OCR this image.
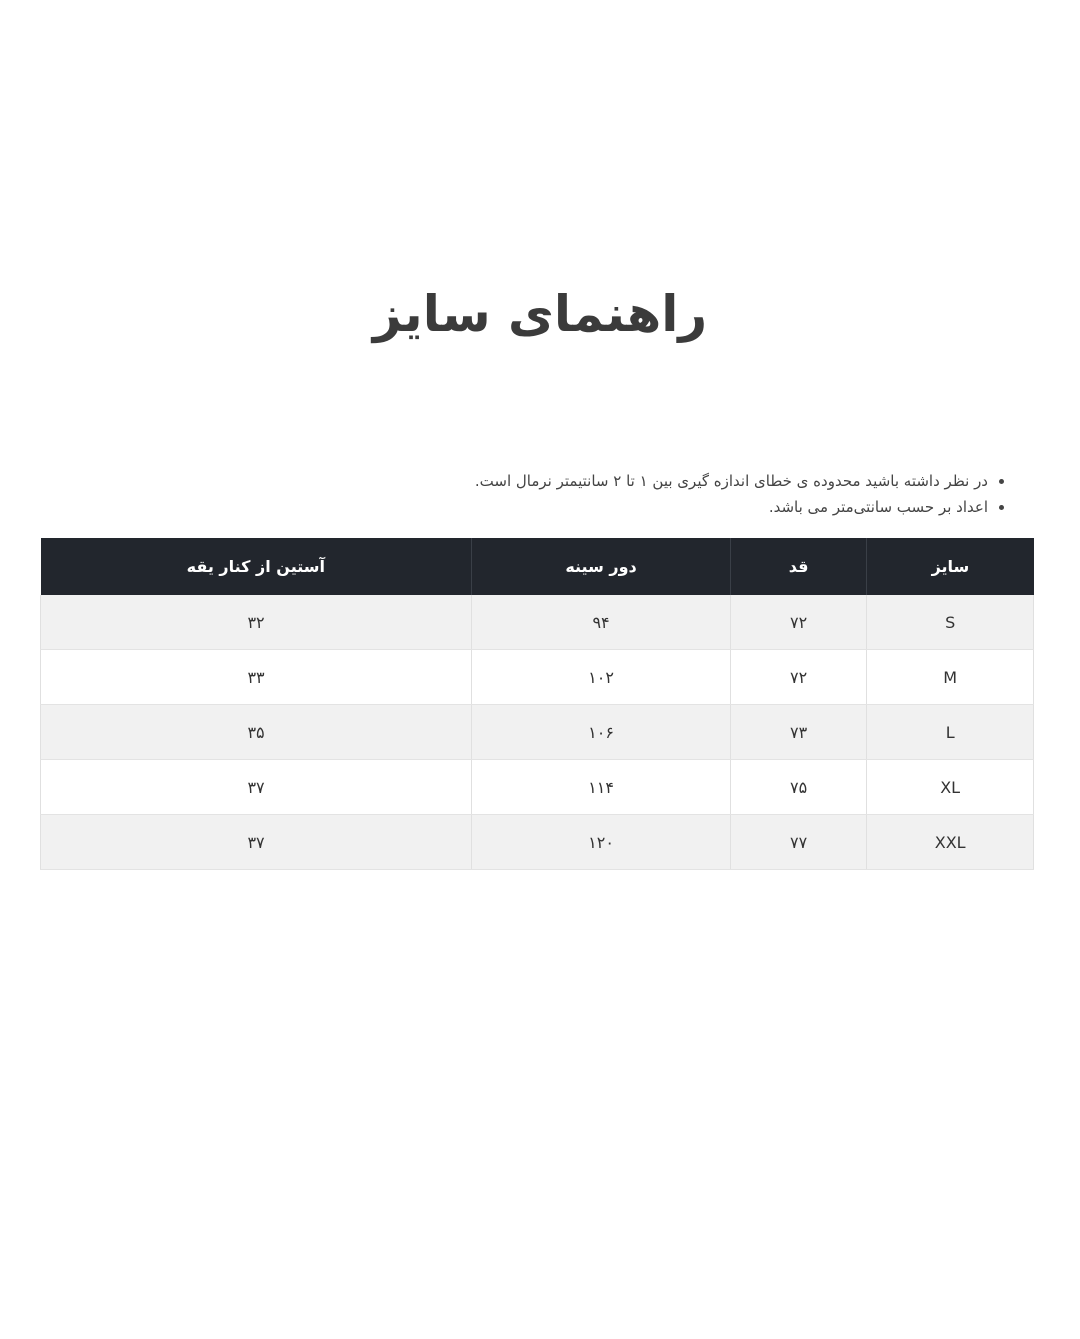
راهنمای سایز
• در نظر داشته باشید محدوده ی خطای اندازه گیری بین ۱ تا ۲ سانتیمتر نرمال است.
• اعداد بر حسب سانتی‌متر می باشد.
سایز	قد	دور سینه	آستین از کنار یقه
S	۷۲	۹۴	۳۲
M	۷۲	۱۰۲	۳۳
L	۷۳	۱۰۶	۳۵
XL	۷۵	۱۱۴	۳۷
XXL	۷۷	۱۲۰	۳۷
